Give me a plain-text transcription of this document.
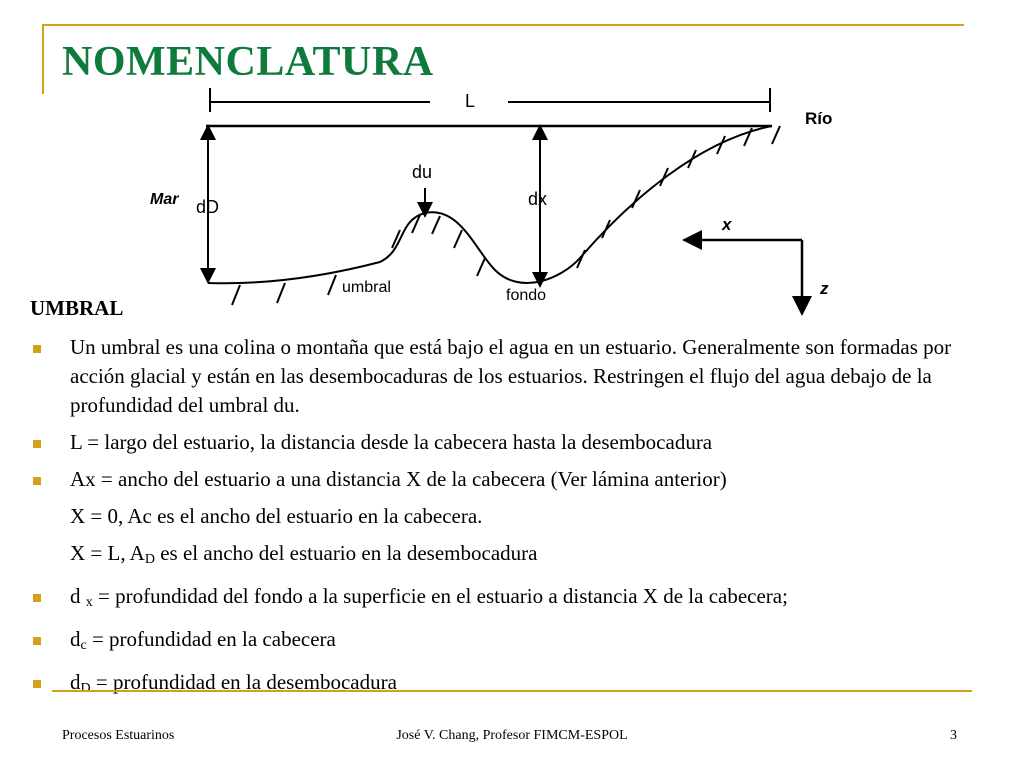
NOMENCLATURA
L
Río
Mar dD
du
dx
umbral	fondo
x
z
UMBRAL
Un umbral es una colina o montaña que está bajo el agua en un estuario. Generalmente son formadas por acción glacial y están en las desembocaduras de los estuarios. Restringen el flujo del agua debajo de la profundidad del umbral du.
L = largo del estuario, la distancia desde la cabecera hasta la desembocadura
Ax = ancho del estuario a una distancia X de la cabecera (Ver lámina anterior)
X = 0, Ac es el ancho del estuario en la cabecera.
X = L, AD es el ancho del estuario en la desembocadura
d x = profundidad del fondo a la superficie en el estuario a distancia X de la cabecera;
dc = profundidad en la cabecera
dD = profundidad en la desembocadura
Procesos Estuarinos	José V. Chang, Profesor FIMCM-ESPOL	3
